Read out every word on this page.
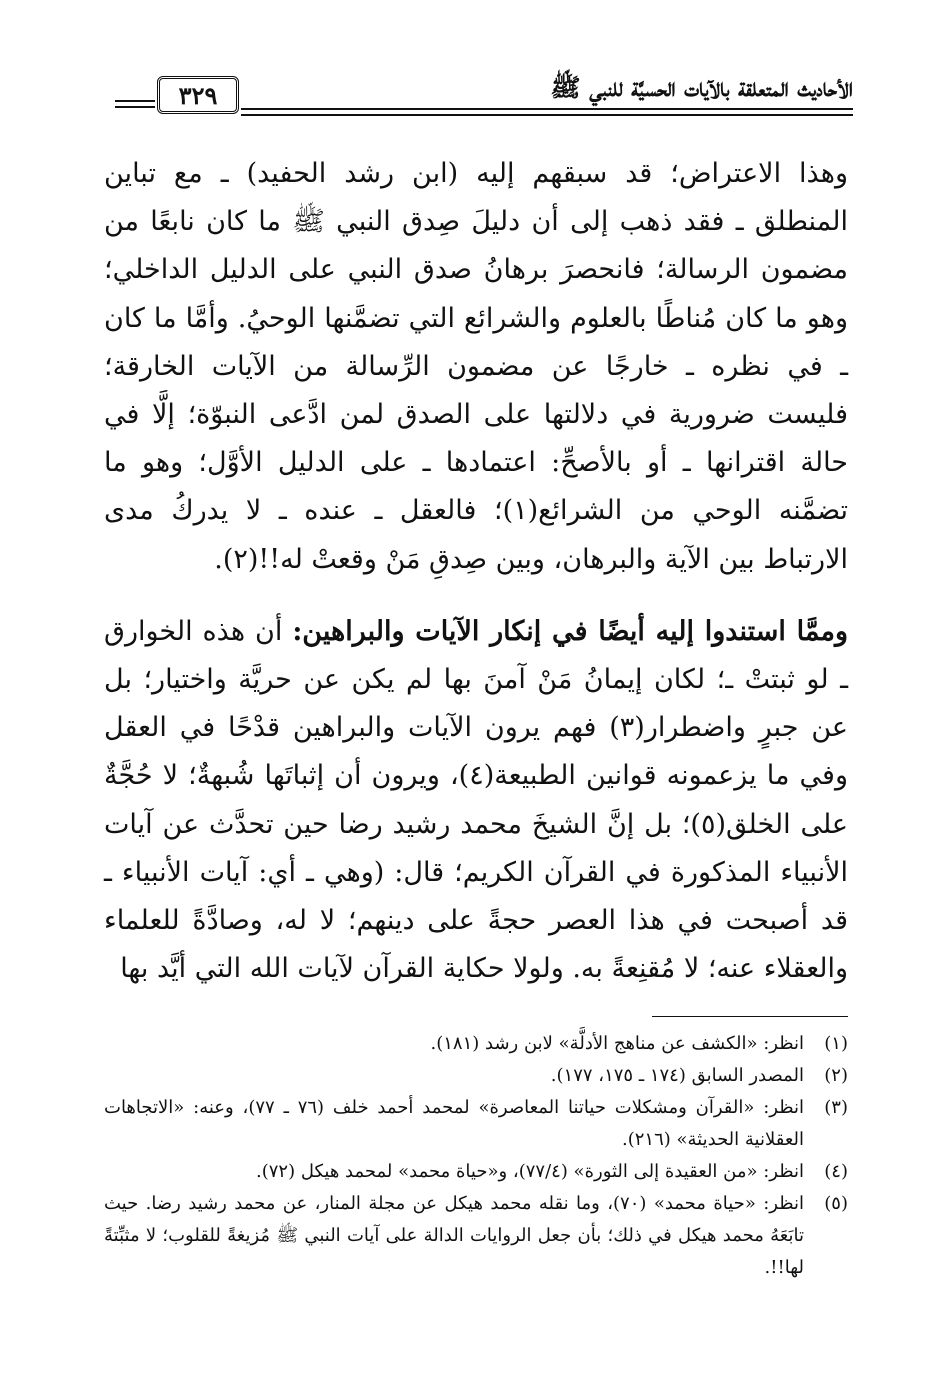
الأحاديث المتعلقة بالآيات الحسيَّة للنبي ﷺ
٣٢٩

وهذا الاعتراض؛ قد سبقهم إليه (ابن رشد الحفيد) ـ مع تباين المنطلق ـ فقد ذهب إلى أن دليلَ صِدق النبي ﷺ ما كان نابعًا من مضمون الرسالة؛ فانحصرَ برهانُ صدق النبي على الدليل الداخلي؛ وهو ما كان مُناطًا بالعلوم والشرائع التي تضمَّنها الوحيُ. وأمَّا ما كان ـ في نظره ـ خارجًا عن مضمون الرِّسالة من الآيات الخارقة؛ فليست ضرورية في دلالتها على الصدق لمن ادَّعى النبوّة؛ إلَّا في حالة اقترانها ـ أو بالأصحِّ: اعتمادها ـ على الدليل الأوَّل؛ وهو ما تضمَّنه الوحي من الشرائع(١)؛ فالعقل ـ عنده ـ لا يدركُ مدى الارتباط بين الآية والبرهان، وبين صِدقِ مَنْ وقعتْ له!!(٢).

وممَّا استندوا إليه أيضًا في إنكار الآيات والبراهين: أن هذه الخوارق ـ لو ثبتتْ ـ؛ لكان إيمانُ مَنْ آمنَ بها لم يكن عن حريَّة واختيار؛ بل عن جبرٍ واضطرار(٣) فهم يرون الآيات والبراهين قدْحًا في العقل وفي ما يزعمونه قوانين الطبيعة(٤)، ويرون أن إثباتَها شُبهةٌ؛ لا حُجَّةٌ على الخلق(٥)؛ بل إنَّ الشيخَ محمد رشيد رضا حين تحدَّث عن آيات الأنبياء المذكورة في القرآن الكريم؛ قال: (وهي ـ أي: آيات الأنبياء ـ قد أصبحت في هذا العصر حجةً على دينهم؛ لا له، وصادَّةً للعلماء والعقلاء عنه؛ لا مُقنِعةً به. ولولا حكاية القرآن لآيات الله التي أيَّد بها

(١)
انظر: «الكشف عن مناهج الأدلَّة» لابن رشد (١٨١).
(٢)
المصدر السابق (١٧٤ ـ ١٧٥، ١٧٧).
(٣)
انظر: «القرآن ومشكلات حياتنا المعاصرة» لمحمد أحمد خلف (٧٦ ـ ٧٧)، وعنه: «الاتجاهات العقلانية الحديثة» (٢١٦).
(٤)
انظر: «من العقيدة إلى الثورة» (٧٧/٤)، و«حياة محمد» لمحمد هيكل (٧٢).
(٥)
انظر: «حياة محمد» (٧٠)، وما نقله محمد هيكل عن مجلة المنار، عن محمد رشيد رضا. حيث تابَعَهُ محمد هيكل في ذلك؛ بأن جعل الروايات الدالة على آيات النبي ﷺ مُزيغةً للقلوب؛ لا مثبِّتةً لها!!.
